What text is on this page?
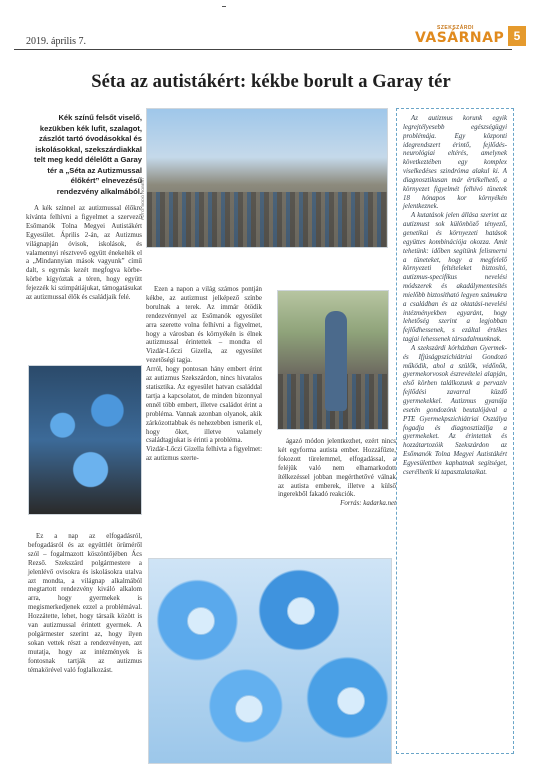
2019. április 7.
SZEKSZÁRDI
VASÁRNAP 5
Séta az autistákért: kékbe borult a Garay tér
Kék színű felsőt viselő, kezükben kék lufit, szalagot, zászlót tartó óvodásokkal és iskolásokkal, szekszárdiakkal telt meg kedd délelőtt a Garay tér a „Séta az Autizmussal élőkért” elnevezésű rendezvény alkalmából.

A kék színnel az autizmussal élőkre kívánta felhívni a figyelmet a szervező Esőmanók Tolna Megyei Autistákért Egyesület. Április 2-án, az Autizmus világnapján óvisok, iskolások, és valamennyi résztvevő együtt énekelték el a „Mindannyian mások vagyunk” című dalt, s egymás kezét megfogva körbe-körbe kígyóztak a téren, hogy együtt fejezzék ki szimpátiájukat, támogatásukat az autizmussal élők és családjaik felé.

FOTÓ: BODÓ ROBERT

Ezen a napon a világ számos pontján kékbe, az autizmust jelképező színbe borulnak a terek. Az immár ötödik rendezvénnyel az Esőmanók egyesület arra szerette volna felhívni a figyelmet, hogy a városban és környékén is élnek autizmussal érintettek – mondta el Vizdár-Lőczi Gizella, az egyesület vezetőségi tagja.
Arról, hogy pontosan hány embert érint az autizmus Szekszárdon, nincs hivatalos statisztika. Az egyesület hatvan családdal tartja a kapcsolatot, de minden bizonnyal ennél több embert, illetve családot érint a probléma. Vannak azonban olyanok, akik zárkózottabbak és nehezebben ismerik el, hogy őket, illetve valamely családtagjukat is érinti a probléma.
Vizdár-Lőczi Gizella felhívta a figyelmet: az autizmus szerte-

ágazó módon jelentkezhet, ezért nincs két egyforma autista ember. Hozzáfűzte, fokozott türelemmel, elfogadással, a feléjük való nem elhamarkodott ítélkezéssel jobban megérthetővé válnak az autista emberek, illetve a külső ingerekből fakadó reakciók.

Forrás: kadarka.net

Ez a nap az elfogadásról, befogadásról és az együttlét örüméről szól – fogalmazott köszöntőjében Ács Rezső. Szekszárd polgármestere a jelenlévő ovisokra és iskolásokra utalva azt mondta, a világnap alkalmából megtartott rendezvény kiváló alkalom arra, hogy gyermekek is megismerkedjenek ezzel a problémával. Hozzátette, lehet, hogy társaik között is van autizmussal érintett gyermek. A polgármester szerint az, hogy ilyen sokan vettek részt a rendezvényen, azt mutatja, hogy az intézmények is fontosnak tartják az autizmus témakörével való foglalkozást.

Az autizmus korunk egyik legrejtélyesebb egészségügyi problémája. Egy központi idegrendszert érintő, fejlődés-neurológiai eltérés, amelynek következtében egy komplex viselkedéses szindróma alakul ki. A diagnosztikusan már értékelhető, a környezet figyelmét felhívó tünetek 18 hónapos kor környékén jelentkeznek.

A kutatások jelen állása szerint az autizmust sok különböző tényező, genetikai és környezeti hatások együttes kombinációja okozza. Amit tehetünk: időben segítünk felismerni a tüneteket, hogy a megfelelő környezeti feltételeket biztosító, autizmus-specifikus nevelési módszerek és akadálymentesítés mielőbb biztosítható legyen számukra a családban és az oktatási-nevelési intézményekben egyaránt, hogy lehetőség szerint a legjobban fejlődhessenek, s ezáltal értékes tagjai lehessenek társadalmunknak.

A szekszárdi kórházban Gyermek- és Ifjúságpszichiátriai Gondozó működik, ahol a szülők, védőnők, gyermekorvosok észrevételei alapján, első körben találkozunk a pervazív fejlődési zavarral küzdő gyermekekkel. Autizmus gyanúja esetén gondozónk beutalójával a PTE Gyermekpszichiátriai Osztálya fogadja és diagnosztizálja a gyermekeket. Az érintettek és hozzátartozóik Szekszárdon az Esőmanók Tolna Megyei Autistákért Egyesülettben kaphatnak segítséget, cserélhetik ki tapasztalataikat.
